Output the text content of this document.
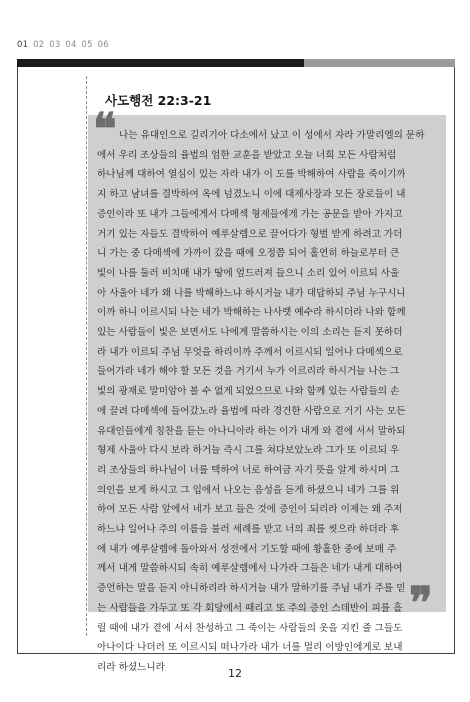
01 02 03 04 05 06
사도행전 22:3-21
❝ 나는 유대인으로 길리기아 다소에서 났고 이 성에서 자라 가말리엘의 문하
에서 우리 조상들의 율법의 엄한 교훈을 받았고 오늘 너희 모든 사람처럼
하나님께 대하여 열심이 있는 자라 내가 이 도를 박해하여 사람을 죽이기까
지 하고 남녀를 결박하여 옥에 넘겼노니 이에 대제사장과 모든 장로들이 내
증인이라 또 내가 그들에게서 다메섹 형제들에게 가는 공문을 받아 가지고
거기 있는 자들도 결박하여 예루살렘으로 끌어다가 형벌 받게 하려고 가더
니 가는 중 다메섹에 가까이 갔을 때에 오정쯤 되어 홀연히 하늘로부터 큰
빛이 나를 둘러 비치매 내가 땅에 엎드러져 들으니 소리 있어 이르되 사울
아 사울아 네가 왜 나를 박해하느냐 하시거늘 내가 대답하되 주님 누구시니
이까 하니 이르시되 나는 네가 박해하는 나사렛 예수라 하시더라 나와 함께
있는 사람들이 빛은 보면서도 나에게 말씀하시는 이의 소리는 듣지 못하더
라 내가 이르되 주님 무엇을 하리이까 주께서 이르시되 일어나 다메섹으로
들어가라 네가 해야 할 모든 것을 거기서 누가 이르리라 하시거늘 나는 그
빛의 광채로 말미암아 볼 수 없게 되었으므로 나와 함께 있는 사람들의 손
에 끌려 다메섹에 들어갔노라 율법에 따라 경건한 사람으로 거기 사는 모든
유대인들에게 칭찬을 듣는 아나니아라 하는 이가 내게 와 곁에 서서 말하되
형제 사울아 다시 보라 하거늘 즉시 그를 쳐다보았노라 그가 또 이르되 우
리 조상들의 하나님이 너를 택하여 너로 하여금 자기 뜻을 알게 하시며 그
의인을 보게 하시고 그 입에서 나오는 음성을 듣게 하셨으니 네가 그를 위
하여 모든 사람 앞에서 네가 보고 들은 것에 증인이 되리라 이제는 왜 주저
하느냐 일어나 주의 이름을 불러 세례를 받고 너의 죄를 씻으라 하더라 후
에 내가 예루살렘에 돌아와서 성전에서 기도할 때에 황홀한 중에 보매 주
께서 내게 말씀하시되 속히 예루살렘에서 나가라 그들은 네가 내게 대하여
증언하는 말을 듣지 아니하리라 하시거늘 내가 말하기를 주님 내가 주를 믿
는 사람들을 가두고 또 각 회당에서 때리고 또 주의 증인 스데반이 피를 흘
릴 때에 내가 곁에 서서 찬성하고 그 죽이는 사람들의 옷을 지킨 줄 그들도
아나이다 나더러 또 이르시되 떠나가라 내가 너를 멀리 이방인에게로 보내
리라 하셨느니라
❞
12
